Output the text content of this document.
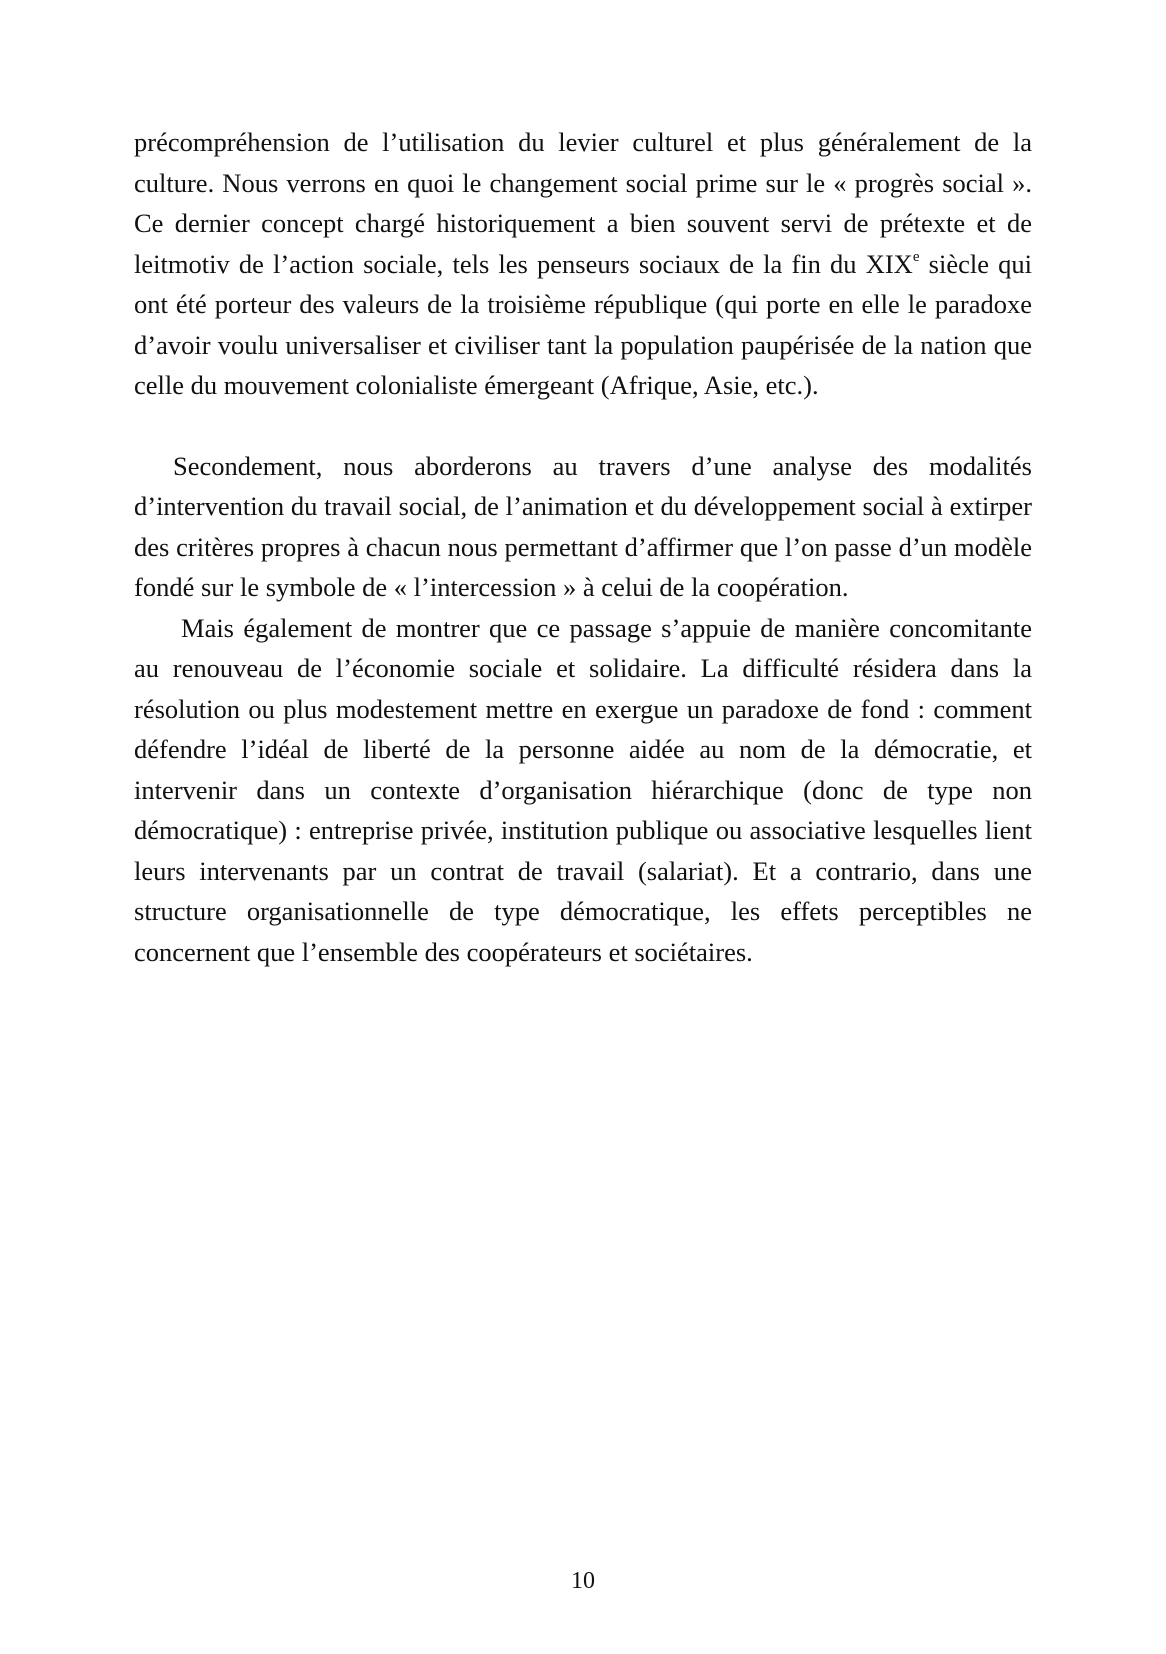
précompréhension de l’utilisation du levier culturel et plus généralement de la culture. Nous verrons en quoi le changement social prime sur le « progrès social ». Ce dernier concept chargé historiquement a bien souvent servi de prétexte et de leitmotiv de l’action sociale, tels les penseurs sociaux de la fin du XIXe siècle qui ont été porteur des valeurs de la troisième république (qui porte en elle le paradoxe d’avoir voulu universaliser et civiliser tant la population paupérisée de la nation que celle du mouvement colonialiste émergeant (Afrique, Asie, etc.).

Secondement, nous aborderons au travers d’une analyse des modalités d’intervention du travail social, de l’animation et du développement social à extirper des critères propres à chacun nous permettant d’affirmer que l’on passe d’un modèle fondé sur le symbole de « l’intercession » à celui de la coopération.

Mais également de montrer que ce passage s’appuie de manière concomitante au renouveau de l’économie sociale et solidaire. La difficulté résidera dans la résolution ou plus modestement mettre en exergue un paradoxe de fond : comment défendre l’idéal de liberté de la personne aidée au nom de la démocratie, et intervenir dans un contexte d’organisation hiérarchique (donc de type non démocratique) : entreprise privée, institution publique ou associative lesquelles lient leurs intervenants par un contrat de travail (salariat). Et a contrario, dans une structure organisationnelle de type démocratique, les effets perceptibles ne concernent que l’ensemble des coopérateurs et sociétaires.

10
